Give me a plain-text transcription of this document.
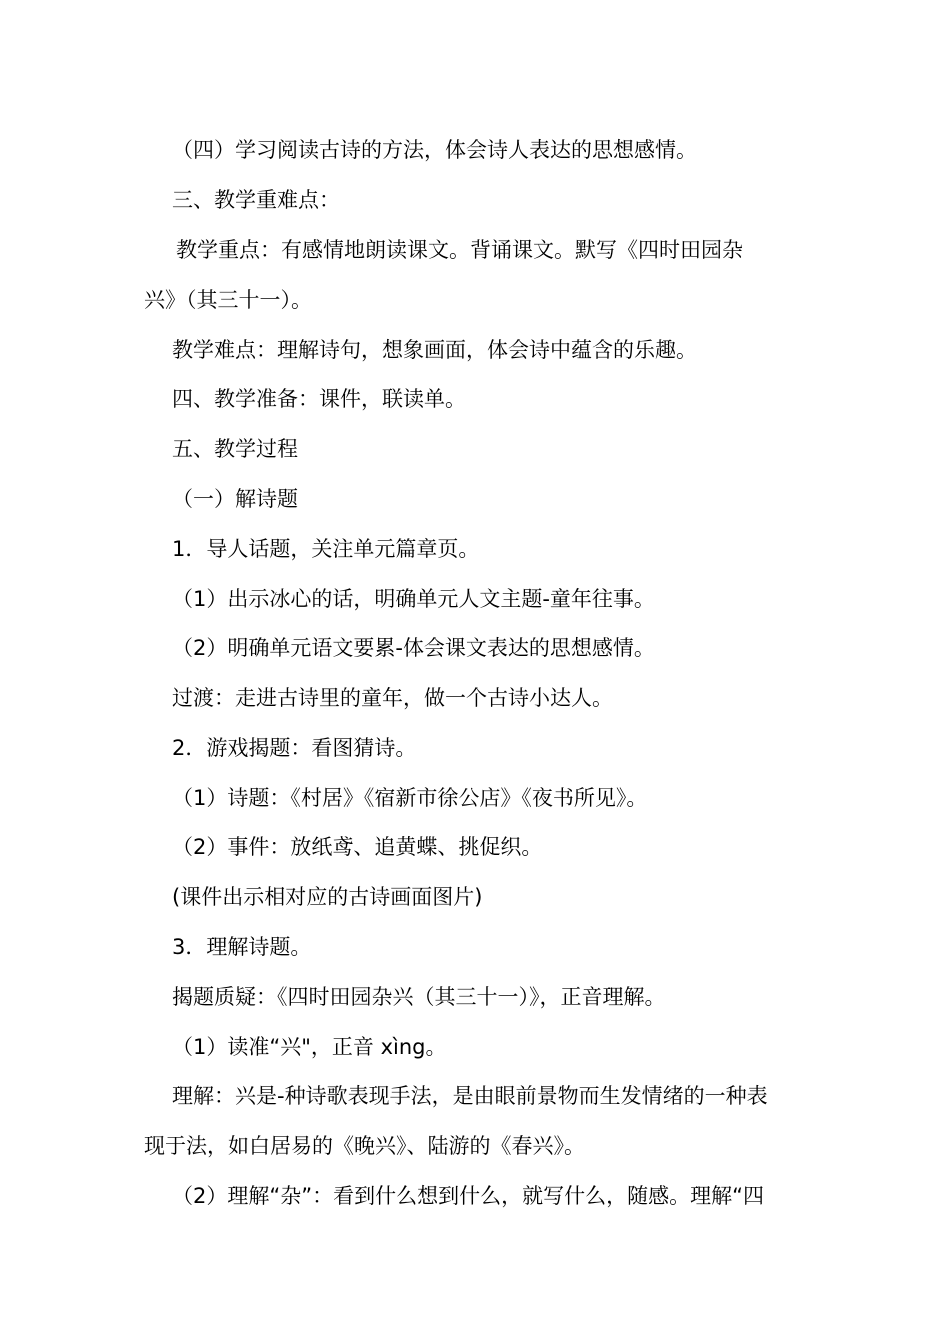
（四）学习阅读古诗的方法，体会诗人表达的思想感情。
三、教学重难点：
教学重点：有感情地朗读课文。背诵课文。默写《四时田园杂
兴》（其三十一）。
教学难点：理解诗句，想象画面，体会诗中蕴含的乐趣。
四、教学准备：课件，联读单。
五、教学过程
（一）解诗题
1．导人话题，关注单元篇章页。
（1）出示冰心的话，明确单元人文主题-童年往事。
（2）明确单元语文要累-体会课文表达的思想感情。
过渡：走进古诗里的童年，做一个古诗小达人。
2．游戏揭题：看图猜诗。
（1）诗题：《村居》《宿新市徐公店》《夜书所见》。
（2）事件：放纸鸢、追黄蝶、挑促织。
(课件出示相对应的古诗画面图片)
3．理解诗题。
揭题质疑：《四时田园杂兴（其三十一）》，正音理解。
（1）读准“兴"，正音 xìng。
理解：兴是-种诗歌表现手法，是由眼前景物而生发情绪的一种表
现于法，如白居易的《晚兴》、陆游的《春兴》。
（2）理解“杂”：看到什么想到什么，就写什么，随感。理解“四
